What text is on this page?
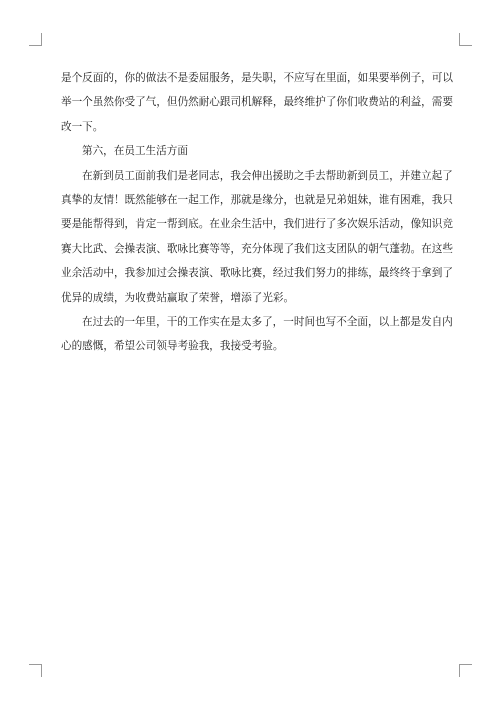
是个反面的，你的做法不是委屈服务，是失职，不应写在里面，如果要举例子，可以
举一个虽然你受了气，但仍然耐心跟司机解释，最终维护了你们收费站的利益，需要
改一下。

第六，在员工生活方面

在新到员工面前我们是老同志，我会伸出援助之手去帮助新到员工，并建立起了
真挚的友情！既然能够在一起工作，那就是缘分，也就是兄弟姐妹，谁有困难，我只
要是能帮得到，肯定一帮到底。在业余生活中，我们进行了多次娱乐活动，像知识竞
赛大比武、会操表演、歌咏比赛等等，充分体现了我们这支团队的朝气蓬勃。在这些
业余活动中，我参加过会操表演、歌咏比赛，经过我们努力的排练，最终终于拿到了
优异的成绩，为收费站赢取了荣誉，增添了光彩。

在过去的一年里，干的工作实在是太多了，一时间也写不全面，以上都是发自内
心的感慨，希望公司领导考验我，我接受考验。
